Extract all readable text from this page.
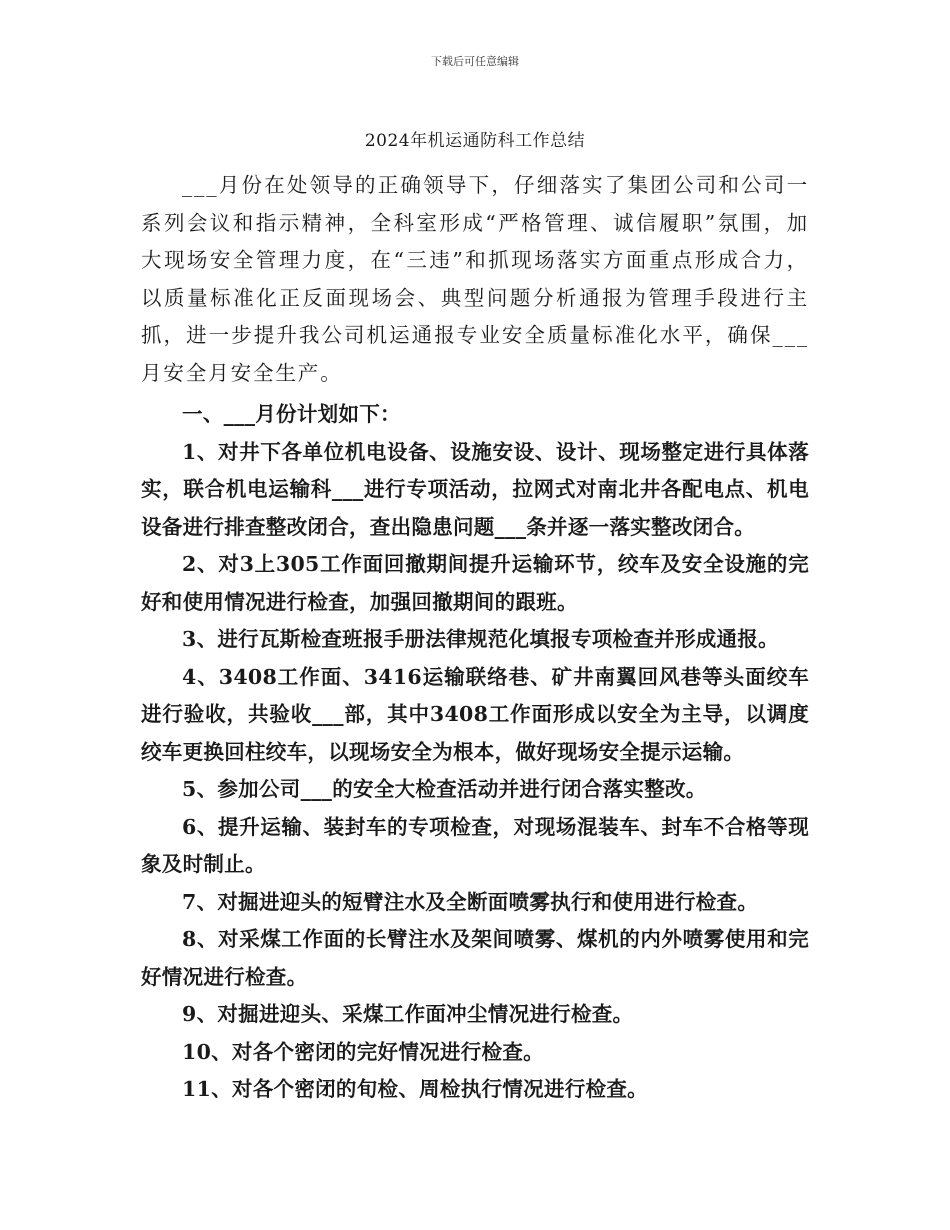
下载后可任意编辑
2024年机运通防科工作总结

___月份在处领导的正确领导下，仔细落实了集团公司和公司一系列会议和指示精神，全科室形成“严格管理、诚信履职”氛围，加大现场安全管理力度，在“三违”和抓现场落实方面重点形成合力，以质量标准化正反面现场会、典型问题分析通报为管理手段进行主抓，进一步提升我公司机运通报专业安全质量标准化水平，确保___月安全月安全生产。

一、___月份计划如下：

1、对井下各单位机电设备、设施安设、设计、现场整定进行具体落实，联合机电运输科___进行专项活动，拉网式对南北井各配电点、机电设备进行排查整改闭合，查出隐患问题___条并逐一落实整改闭合。

2、对3上305工作面回撤期间提升运输环节，绞车及安全设施的完好和使用情况进行检查，加强回撤期间的跟班。

3、进行瓦斯检查班报手册法律规范化填报专项检查并形成通报。

4、3408工作面、3416运输联络巷、矿井南翼回风巷等头面绞车进行验收，共验收___部，其中3408工作面形成以安全为主导，以调度绞车更换回柱绞车，以现场安全为根本，做好现场安全提示运输。

5、参加公司___的安全大检查活动并进行闭合落实整改。

6、提升运输、装封车的专项检查，对现场混装车、封车不合格等现象及时制止。

7、对掘进迎头的短臂注水及全断面喷雾执行和使用进行检查。

8、对采煤工作面的长臂注水及架间喷雾、煤机的内外喷雾使用和完好情况进行检查。

9、对掘进迎头、采煤工作面冲尘情况进行检查。

10、对各个密闭的完好情况进行检查。

11、对各个密闭的旬检、周检执行情况进行检查。
